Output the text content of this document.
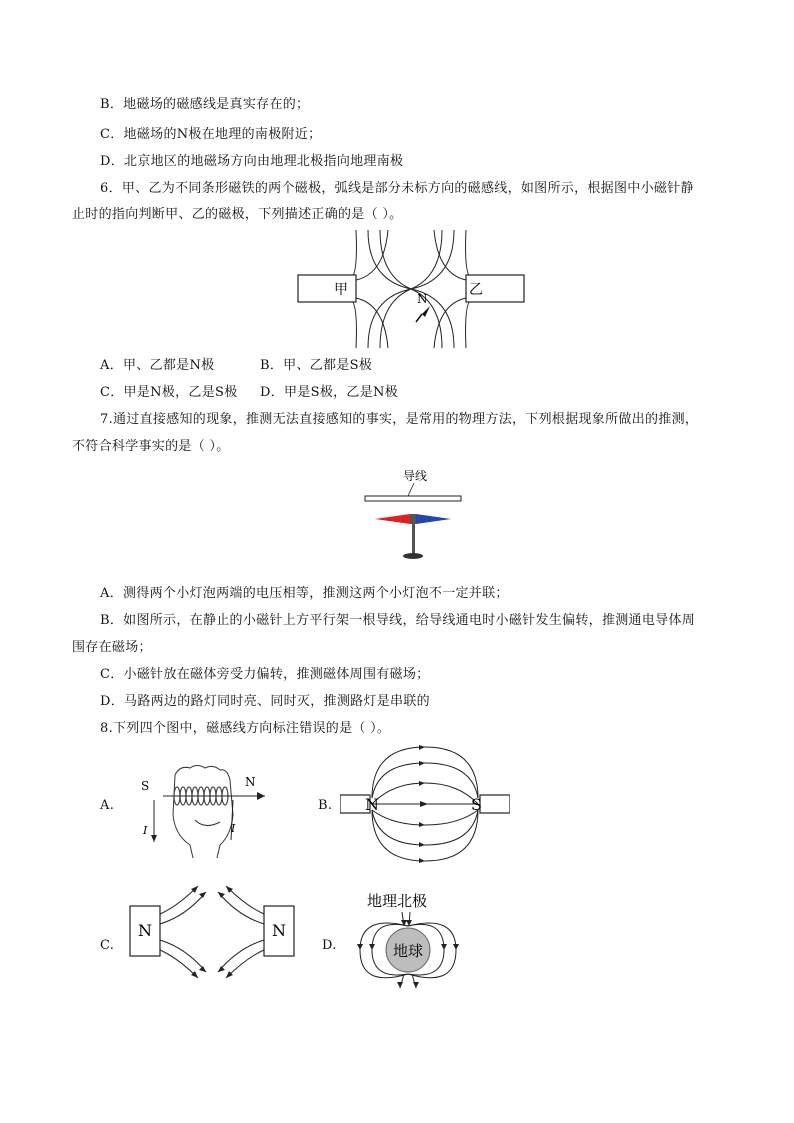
B．地磁场的磁感线是真实存在的；
C．地磁场的N极在地理的南极附近；
D．北京地区的地磁场方向由地理北极指向地理南极
6．甲、乙为不同条形磁铁的两个磁极，弧线是部分未标方向的磁感线，如图所示，根据图中小磁针静
止时的指向判断甲、乙的磁极，下列描述正确的是（ ）。
甲	乙
N
A．甲、乙都是N极	B．甲、乙都是S极
C．甲是N极，乙是S极 D．甲是S极，乙是N极
7.通过直接感知的现象，推测无法直接感知的事实，是常用的物理方法，下列根据现象所做出的推测，
不符合科学事实的是（ ）。
导线
A．测得两个小灯泡两端的电压相等，推测这两个小灯泡不一定并联；
B．如图所示，在静止的小磁针上方平行架一根导线，给导线通电时小磁针发生偏转，推测通电导体周
围存在磁场；
C．小磁针放在磁体旁受力偏转，推测磁体周围有磁场；
D．马路两边的路灯同时亮、同时灭，推测路灯是串联的
8.下列四个图中，磁感线方向标注错误的是（ ）。
A.
S	N
I	I
B. N	S
C.
N	N
D.
地理北极
地球
